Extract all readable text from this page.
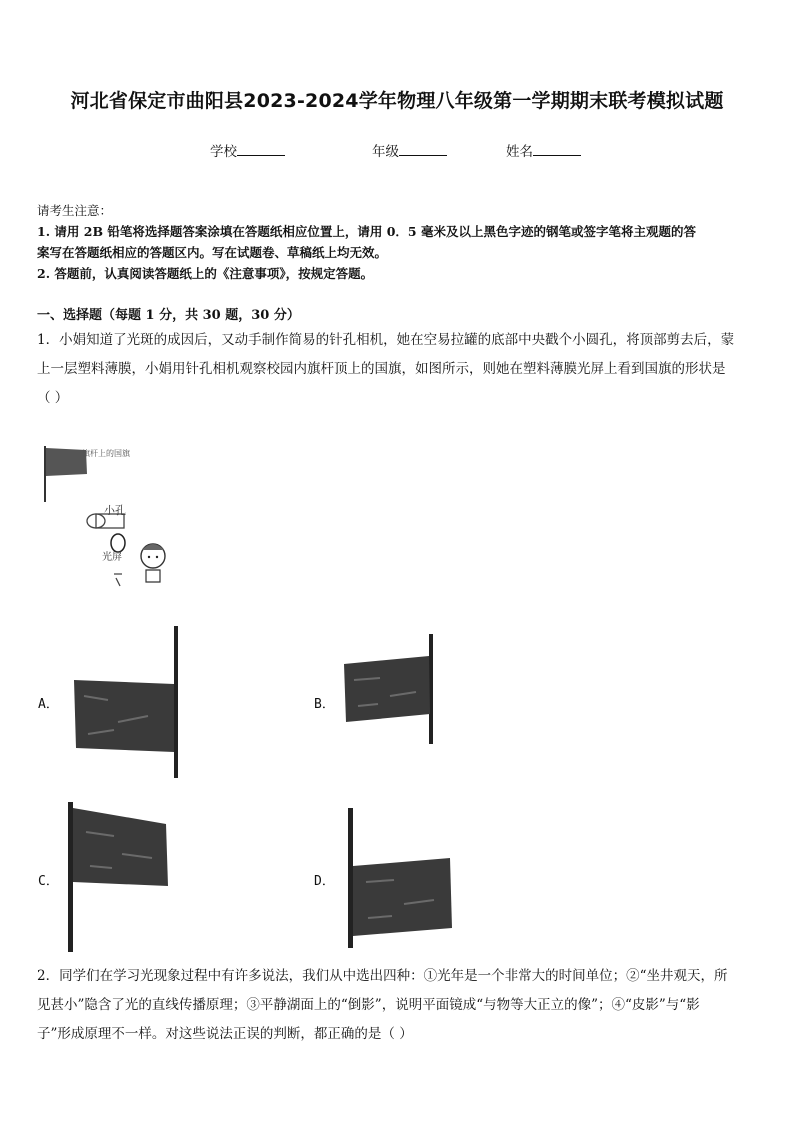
河北省保定市曲阳县2023-2024学年物理八年级第一学期期末联考模拟试题
学校	年级	姓名
请考生注意：
1. 请用 2B 铅笔将选择题答案涂填在答题纸相应位置上，请用 0．5 毫米及以上黑色字迹的钢笔或签字笔将主观题的答
案写在答题纸相应的答题区内。写在试题卷、草稿纸上均无效。
2. 答题前，认真阅读答题纸上的《注意事项》，按规定答题。
一、选择题（每题 1 分，共 30 题，30 分）
1．小娟知道了光斑的成因后，又动手制作简易的针孔相机，她在空易拉罐的底部中央戳个小圆孔，将顶部剪去后，蒙
上一层塑料薄膜，小娟用针孔相机观察校园内旗杆顶上的国旗，如图所示，则她在塑料薄膜光屏上看到国旗的形状是
（ ）
旗杆上的国旗
小孔
光屏
A．	B．
C．	D．
2．同学们在学习光现象过程中有许多说法，我们从中选出四种：①光年是一个非常大的时间单位；②“坐井观天，所
见甚小”隐含了光的直线传播原理；③平静湖面上的“倒影”，说明平面镜成“与物等大正立的像”；④“皮影”与“影
子”形成原理不一样。对这些说法正误的判断，都正确的是（ ）
